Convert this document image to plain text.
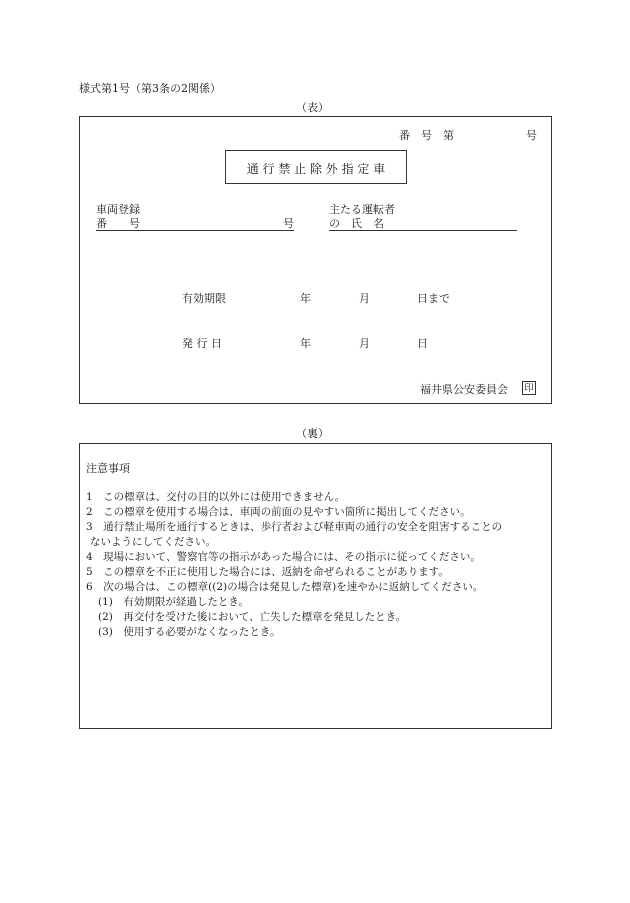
様式第1号（第3条の2関係）
（表）
番　号　第	号
通 行 禁 止 除 外 指 定 車
車両登録
番　　号	号
主たる運転者
の　氏　名
有効期限	年	月	日まで
発 行 日	年	月	日
福井県公安委員会 印
（裏）
注意事項
1　この標章は、交付の目的以外には使用できません。
2　この標章を使用する場合は、車両の前面の見やすい箇所に掲出してください。
3　通行禁止場所を通行するときは、歩行者および軽車両の通行の安全を阻害することの
ないようにしてください。
4　現場において、警察官等の指示があった場合には、その指示に従ってください。
5　この標章を不正に使用した場合には、返納を命ぜられることがあります。
6　次の場合は、この標章((2)の場合は発見した標章)を速やかに返納してください。
(1)　有効期限が経過したとき。
(2)　再交付を受けた後において、亡失した標章を発見したとき。
(3)　使用する必要がなくなったとき。
